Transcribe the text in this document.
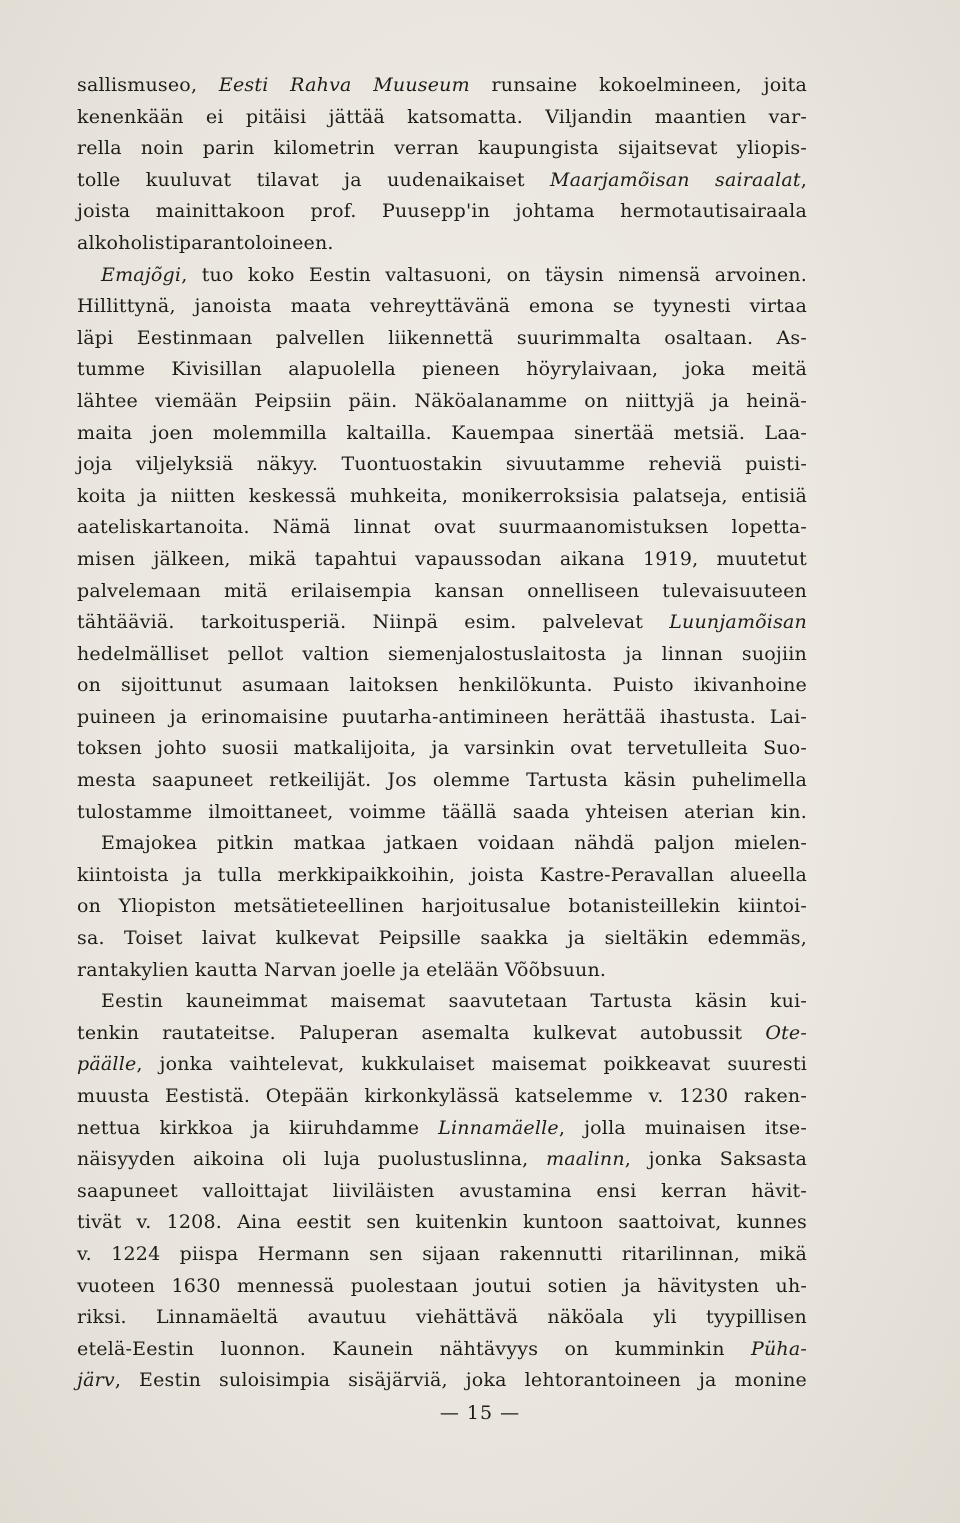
sallismuseo, Eesti Rahva Muuseum runsaine kokoelmineen, joita
kenenkään ei pitäisi jättää katsomatta. Viljandin maantien var-
rella noin parin kilometrin verran kaupungista sijaitsevat yliopis-
tolle kuuluvat tilavat ja uudenaikaiset Maarjamõisan sairaalat,
joista mainittakoon prof. Puusepp'in johtama hermotautisairaala
alkoholistiparantoloineen.
Emajõgi, tuo koko Eestin valtasuoni, on täysin nimensä arvoinen.
Hillittynä, janoista maata vehreyttävänä emona se tyynesti virtaa
läpi Eestinmaan palvellen liikennettä suurimmalta osaltaan. As-
tumme Kivisillan alapuolella pieneen höyrylaivaan, joka meitä
lähtee viemään Peipsiin päin. Näköalanamme on niittyjä ja heinä-
maita joen molemmilla kaltailla. Kauempaa sinertää metsiä. Laa-
joja viljelyksiä näkyy. Tuontuostakin sivuutamme reheviä puisti-
koita ja niitten keskessä muhkeita, monikerroksisia palatseja, entisiä
aateliskartanoita. Nämä linnat ovat suurmaanomistuksen lopetta-
misen jälkeen, mikä tapahtui vapaussodan aikana 1919, muutetut
palvelemaan mitä erilaisempia kansan onnelliseen tulevaisuuteen
tähtääviä. tarkoitusperiä. Niinpä esim. palvelevat Luunjamõisan
hedelmälliset pellot valtion siemenjalostuslaitosta ja linnan suojiin
on sijoittunut asumaan laitoksen henkilökunta. Puisto ikivanhoine
puineen ja erinomaisine puutarha-antimineen herättää ihastusta. Lai-
toksen johto suosii matkalijoita, ja varsinkin ovat tervetulleita Suo-
mesta saapuneet retkeilijät. Jos olemme Tartusta käsin puhelimella
tulostamme ilmoittaneet, voimme täällä saada yhteisen aterian kin.
Emajokea pitkin matkaa jatkaen voidaan nähdä paljon mielen-
kiintoista ja tulla merkkipaikkoihin, joista Kastre-Peravallan alueella
on Yliopiston metsätieteellinen harjoitusalue botanisteillekin kiintoi-
sa. Toiset laivat kulkevat Peipsille saakka ja sieltäkin edemmäs,
rantakylien kautta Narvan joelle ja etelään Võõbsuun.
Eestin kauneimmat maisemat saavutetaan Tartusta käsin kui-
tenkin rautateitse. Paluperan asemalta kulkevat autobussit Ote-
päälle, jonka vaihtelevat, kukkulaiset maisemat poikkeavat suuresti
muusta Eestistä. Otepään kirkonkylässä katselemme v. 1230 raken-
nettua kirkkoa ja kiiruhdamme Linnamäelle, jolla muinaisen itse-
näisyyden aikoina oli luja puolustuslinna, maalinn, jonka Saksasta
saapuneet valloittajat liiviläisten avustamina ensi kerran hävit-
tivät v. 1208. Aina eestit sen kuitenkin kuntoon saattoivat, kunnes
v. 1224 piispa Hermann sen sijaan rakennutti ritarilinnan, mikä
vuoteen 1630 mennessä puolestaan joutui sotien ja hävitysten uh-
riksi. Linnamäeltä avautuu viehättävä näköala yli tyypillisen
etelä-Eestin luonnon. Kaunein nähtävyys on kumminkin Püha-
järv, Eestin suloisimpia sisäjärviä, joka lehtorantoineen ja monine
— 15 —
